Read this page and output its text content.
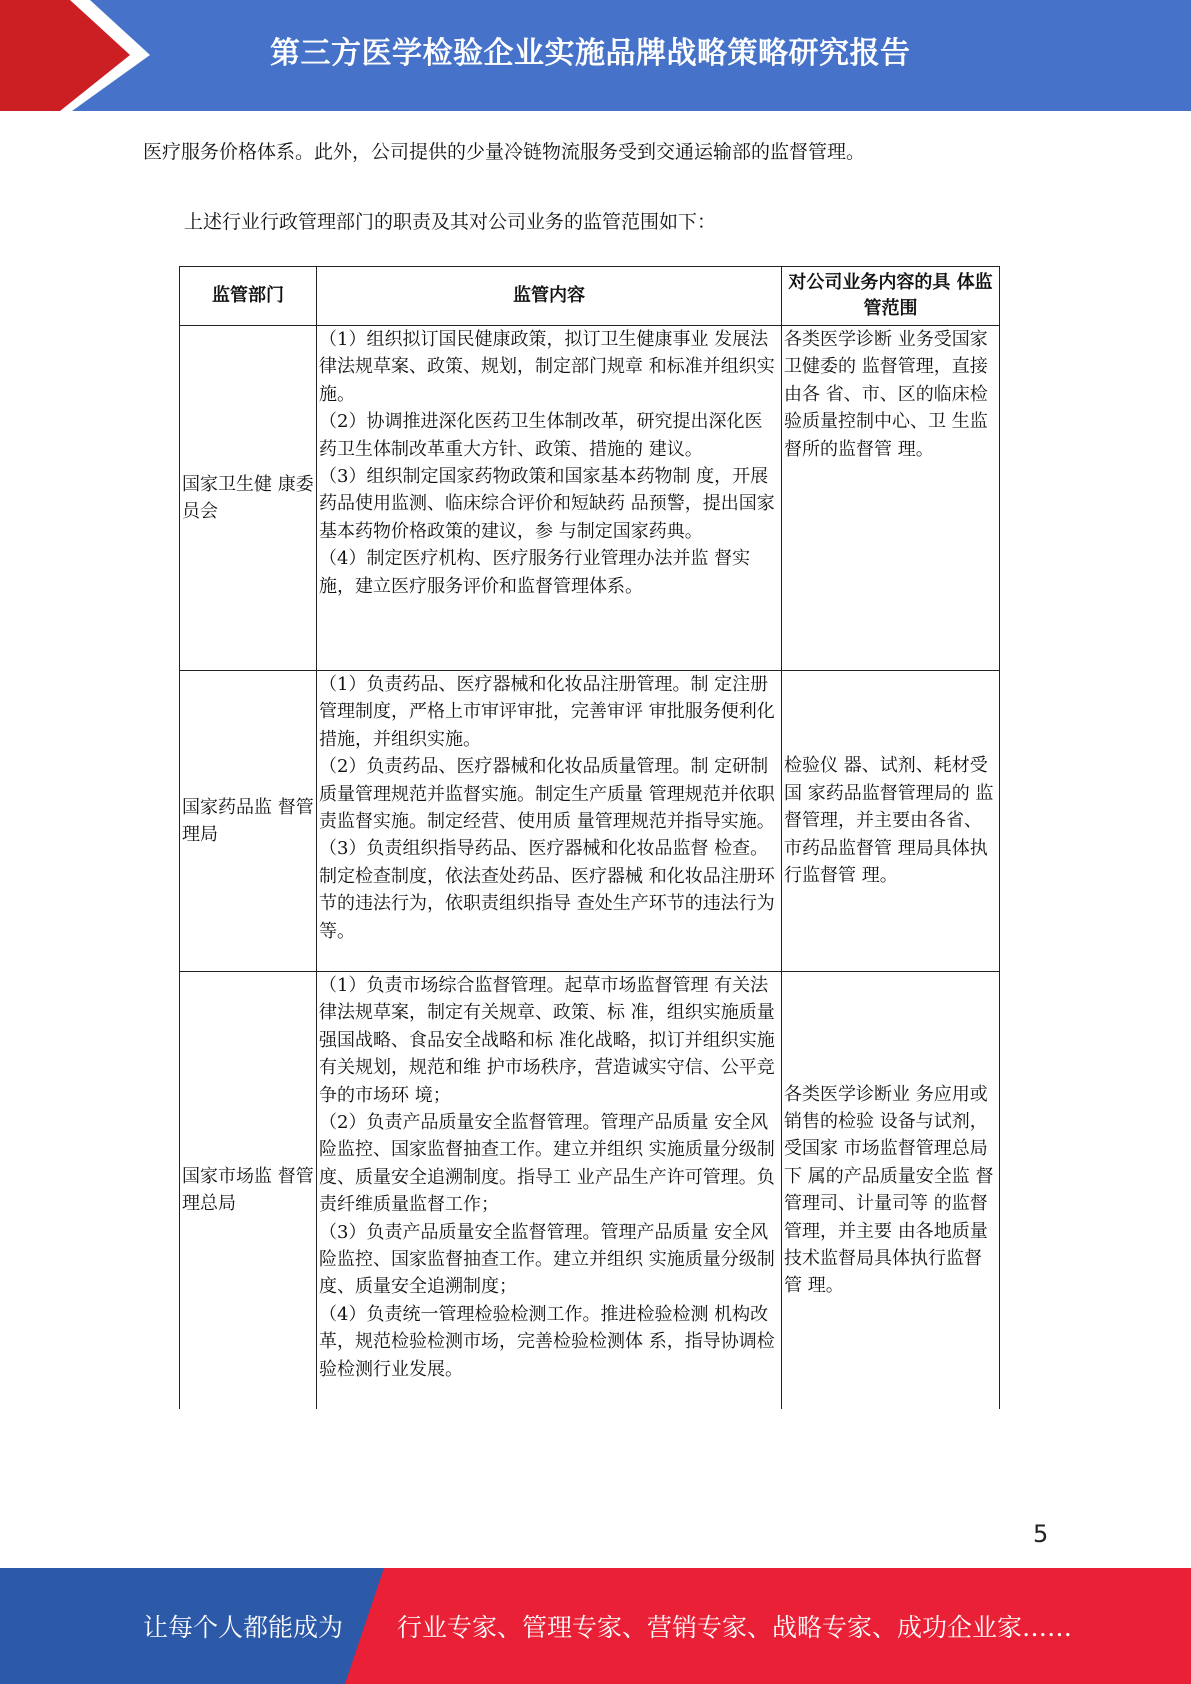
第三方医学检验企业实施品牌战略策略研究报告
医疗服务价格体系。此外，公司提供的少量冷链物流服务受到交通运输部的监督管理。
上述行业行政管理部门的职责及其对公司业务的监管范围如下：
监管部门	监管内容	对公司业务内容的具 体监管范围
国家卫生健 康委员会	（1）组织拟订国民健康政策，拟订卫生健康事业 发展法律法规草案、政策、规划，制定部门规章 和标准并组织实施。
（2）协调推进深化医药卫生体制改革，研究提出深化医药卫生体制改革重大方针、政策、措施的 建议。
（3）组织制定国家药物政策和国家基本药物制 度，开展药品使用监测、临床综合评价和短缺药 品预警，提出国家基本药物价格政策的建议，参 与制定国家药典。
（4）制定医疗机构、医疗服务行业管理办法并监 督实施，建立医疗服务评价和监督管理体系。	各类医学诊断 业务受国家卫健委的 监督管理，直接由各 省、市、区的临床检验质量控制中心、卫 生监督所的监督管 理。
国家药品监 督管理局	（1）负责药品、医疗器械和化妆品注册管理。制 定注册管理制度，严格上市审评审批，完善审评 审批服务便利化措施，并组织实施。
（2）负责药品、医疗器械和化妆品质量管理。制 定研制质量管理规范并监督实施。制定生产质量 管理规范并依职责监督实施。制定经营、使用质 量管理规范并指导实施。
（3）负责组织指导药品、医疗器械和化妆品监督 检查。制定检查制度，依法查处药品、医疗器械 和化妆品注册环节的违法行为，依职责组织指导 查处生产环节的违法行为等。	检验仪 器、试剂、耗材受国 家药品监督管理局的 监督管理，并主要由各省、市药品监督管 理局具体执行监督管 理。
国家市场监 督管理总局	（1）负责市场综合监督管理。起草市场监督管理 有关法律法规草案，制定有关规章、政策、标 准，组织实施质量强国战略、食品安全战略和标 准化战略，拟订并组织实施有关规划，规范和维 护市场秩序，营造诚实守信、公平竞争的市场环 境；
（2）负责产品质量安全监督管理。管理产品质量 安全风险监控、国家监督抽查工作。建立并组织 实施质量分级制度、质量安全追溯制度。指导工 业产品生产许可管理。负责纤维质量监督工作；
（3）负责产品质量安全监督管理。管理产品质量 安全风险监控、国家监督抽查工作。建立并组织 实施质量分级制度、质量安全追溯制度；
（4）负责统一管理检验检测工作。推进检验检测 机构改革，规范检验检测市场，完善检验检测体 系，指导协调检验检测行业发展。	各类医学诊断业 务应用或销售的检验 设备与试剂，受国家 市场监督管理总局下 属的产品质量安全监 督管理司、计量司等 的监督管理，并主要 由各地质量技术监督局具体执行监督管 理。
5
让每个人都能成为 行业专家、管理专家、营销专家、战略专家、成功企业家……
